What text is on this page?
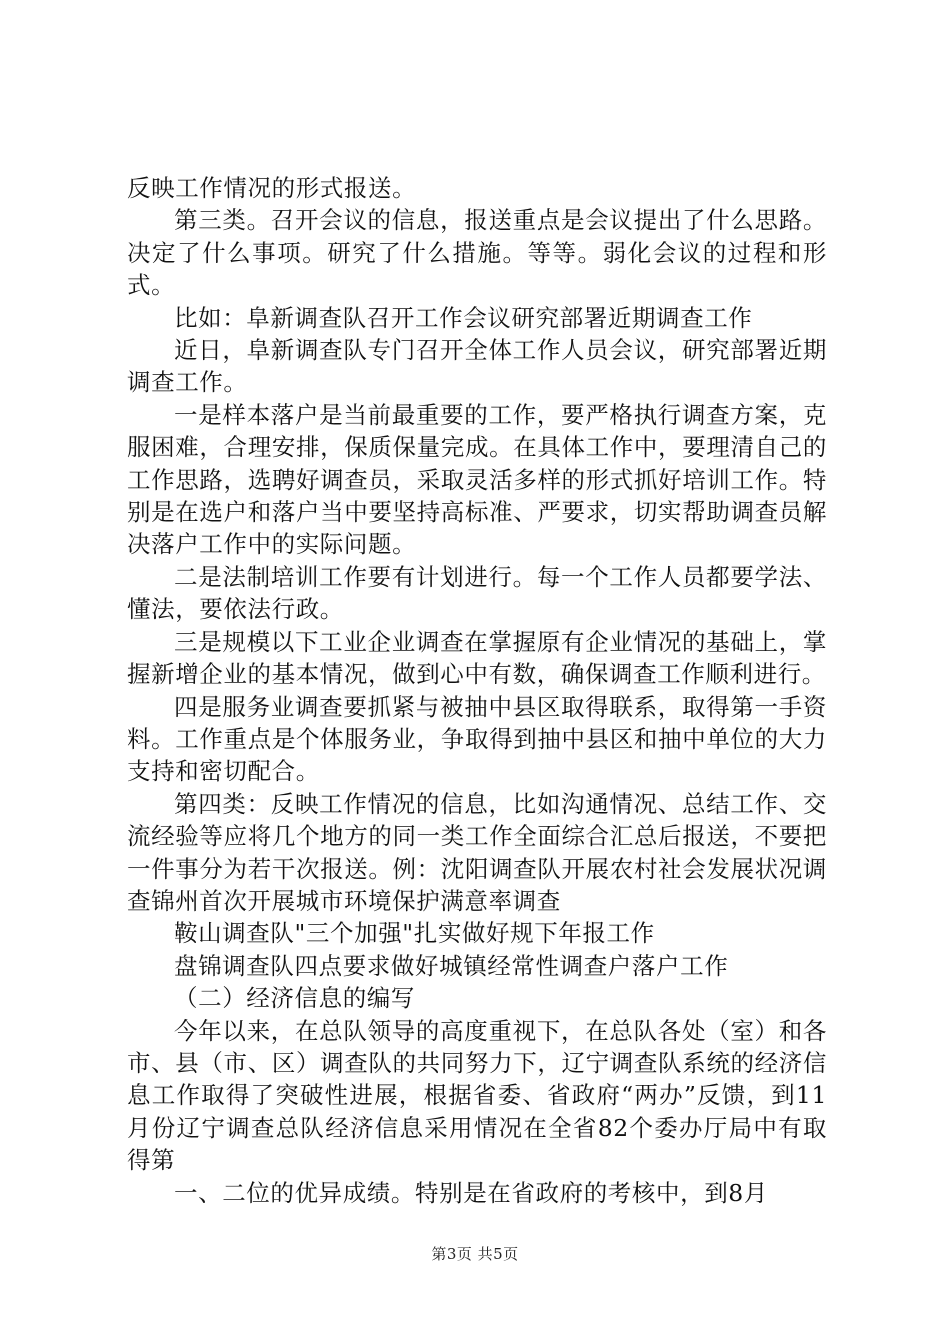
反映工作情况的形式报送。

第三类。召开会议的信息，报送重点是会议提出了什么思路。决定了什么事项。研究了什么措施。等等。弱化会议的过程和形式。

比如：阜新调查队召开工作会议研究部署近期调查工作

近日，阜新调查队专门召开全体工作人员会议，研究部署近期调查工作。

一是样本落户是当前最重要的工作，要严格执行调查方案，克服困难，合理安排，保质保量完成。在具体工作中，要理清自己的工作思路，选聘好调查员，采取灵活多样的形式抓好培训工作。特别是在选户和落户当中要坚持高标准、严要求，切实帮助调查员解决落户工作中的实际问题。

二是法制培训工作要有计划进行。每一个工作人员都要学法、懂法，要依法行政。

三是规模以下工业企业调查在掌握原有企业情况的基础上，掌握新增企业的基本情况，做到心中有数，确保调查工作顺利进行。

四是服务业调查要抓紧与被抽中县区取得联系，取得第一手资料。工作重点是个体服务业，争取得到抽中县区和抽中单位的大力支持和密切配合。

第四类：反映工作情况的信息，比如沟通情况、总结工作、交流经验等应将几个地方的同一类工作全面综合汇总后报送，不要把一件事分为若干次报送。例：沈阳调查队开展农村社会发展状况调查锦州首次开展城市环境保护满意率调查

鞍山调查队"三个加强"扎实做好规下年报工作

盘锦调查队四点要求做好城镇经常性调查户落户工作

（二）经济信息的编写

今年以来，在总队领导的高度重视下，在总队各处（室）和各市、县（市、区）调查队的共同努力下，辽宁调查队系统的经济信息工作取得了突破性进展，根据省委、省政府“两办”反馈，到11月份辽宁调查总队经济信息采用情况在全省82个委办厅局中有取得第

一、二位的优异成绩。特别是在省政府的考核中，到8月

第3页 共5页
